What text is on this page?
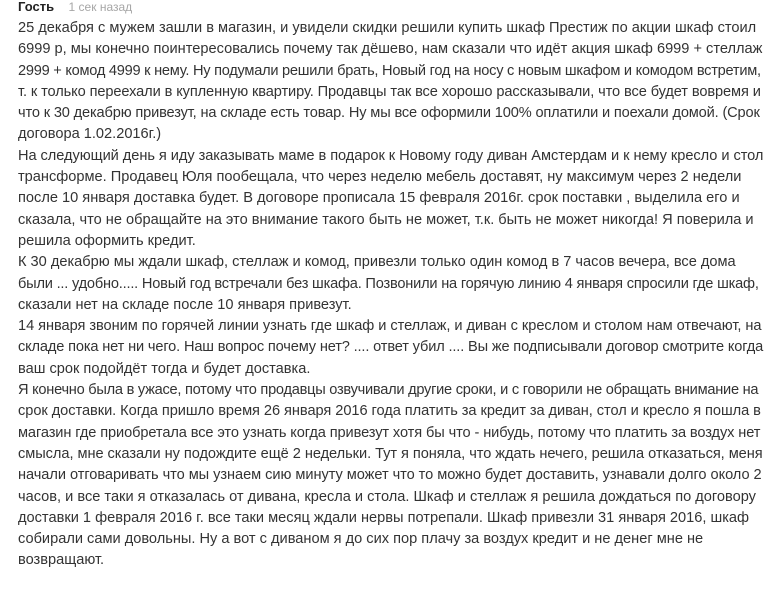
Гость 1 сек назад
25 декабря с мужем зашли в магазин, и увидели скидки решили купить шкаф Престиж по акции шкаф стоил
6999 р, мы конечно поинтересовались почему так дёшево, нам сказали что идёт акция шкаф 6999 + стеллаж
2999 + комод 4999 к нему. Ну подумали решили брать, Новый год на носу с новым шкафом и комодом встретим,
т. к только переехали в купленную квартиру. Продавцы так все хорошо рассказывали, что все будет вовремя и
что к 30 декабрю привезут, на складе есть товар. Ну мы все оформили 100% оплатили и поехали домой. (Срок
договора 1.02.2016г.)
На следующий день я иду заказывать маме в подарок к Новому году диван Амстердам и к нему кресло и стол
трансформе. Продавец Юля пообещала, что через неделю мебель доставят, ну максимум через 2 недели
после 10 января доставка будет. В договоре прописала 15 февраля 2016г. срок поставки , выделила его и
сказала, что не обращайте на это внимание такого быть не может, т.к. быть не может никогда! Я поверила и
решила оформить кредит.
К 30 декабрю мы ждали шкаф, стеллаж и комод, привезли только один комод в 7 часов вечера, все дома
были ... удобно..... Новый год встречали без шкафа. Позвонили на горячую линию 4 января спросили где шкаф,
сказали нет на складе после 10 января привезут.
14 января звоним по горячей линии узнать где шкаф и стеллаж, и диван с креслом и столом нам отвечают, на
складе пока нет ни чего. Наш вопрос почему нет? .... ответ убил .... Вы же подписывали договор смотрите когда
ваш срок подойдёт тогда и будет доставка.
Я конечно была в ужасе, потому что продавцы озвучивали другие сроки, и с говорили не обращать внимание на
срок доставки. Когда пришло время 26 января 2016 года платить за кредит за диван, стол и кресло я пошла в
магазин где приобретала все это узнать когда привезут хотя бы что - нибудь, потому что платить за воздух нет
смысла, мне сказали ну подождите ещё 2 недельки. Тут я поняла, что ждать нечего, решила отказаться, меня
начали отговаривать что мы узнаем сию минуту может что то можно будет доставить, узнавали долго около 2
часов, и все таки я отказалась от дивана, кресла и стола. Шкаф и стеллаж я решила дождаться по договору
доставки 1 февраля 2016 г. все таки месяц ждали нервы потрепали. Шкаф привезли 31 января 2016, шкаф
собирали сами довольны. Ну а вот с диваном я до сих пор плачу за воздух кредит и не денег мне не
возвращают.
